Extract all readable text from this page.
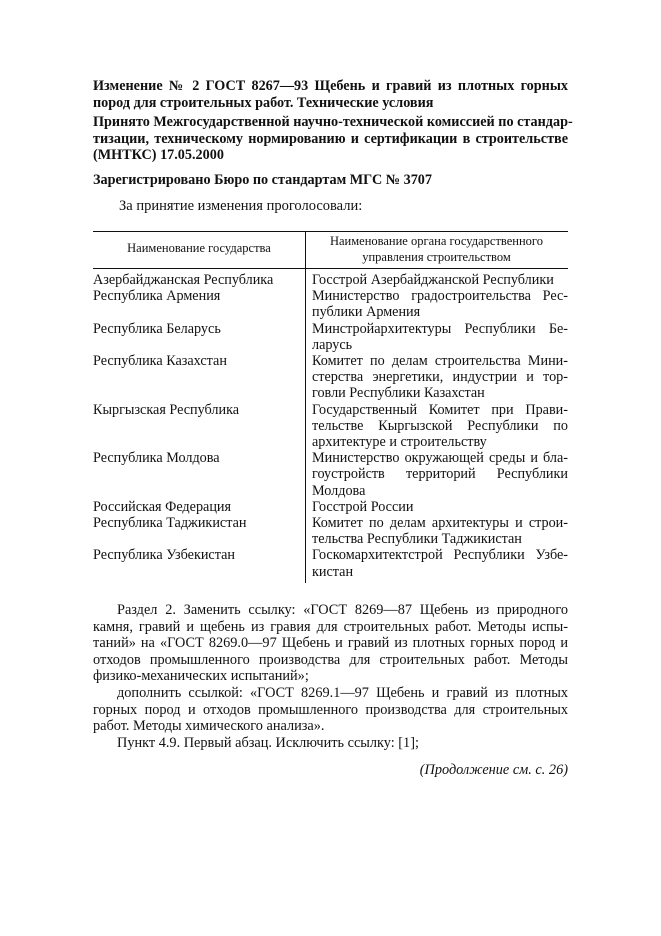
Изменение № 2 ГОСТ 8267—93 Щебень и гравий из плотных горных
пород для строительных работ. Технические условия
Принято Межгосударственной научно-технической комиссией по стандар-
тизации, техническому нормированию и сертификации в строительстве
(МНТКС) 17.05.2000
Зарегистрировано Бюро по стандартам МГС № 3707
За принятие изменения проголосовали:
Наименование государства	Наименование органа государственного управления строительством
Азербайджанская Республика	Госстрой Азербайджанской Республики
Республика Армения	Министерство градостроительства Рес-
публики Армения
Республика Беларусь	Минстройархитектуры Республики Бе-
ларусь
Республика Казахстан	Комитет по делам строительства Мини-
стерства энергетики, индустрии и тор-
говли Республики Казахстан
Кыргызская Республика	Государственный Комитет при Прави-
тельстве Кыргызской Республики по
архитектуре и строительству
Республика Молдова	Министерство окружающей среды и бла-
гоустройств территорий Республики
Молдова
Российская Федерация	Госстрой России
Республика Таджикистан	Комитет по делам архитектуры и строи-
тельства Республики Таджикистан
Республика Узбекистан	Госкомархитектстрой Республики Узбе-
кистан
Раздел 2. Заменить ссылку: «ГОСТ 8269—87 Щебень из природного
камня, гравий и щебень из гравия для строительных работ. Методы испы-
таний» на «ГОСТ 8269.0—97 Щебень и гравий из плотных горных пород и
отходов промышленного производства для строительных работ. Методы
физико-механических испытаний»;
дополнить ссылкой: «ГОСТ 8269.1—97 Щебень и гравий из плотных
горных пород и отходов промышленного производства для строительных
работ. Методы химического анализа».
Пункт 4.9. Первый абзац. Исключить ссылку: [1];
(Продолжение см. с. 26)
